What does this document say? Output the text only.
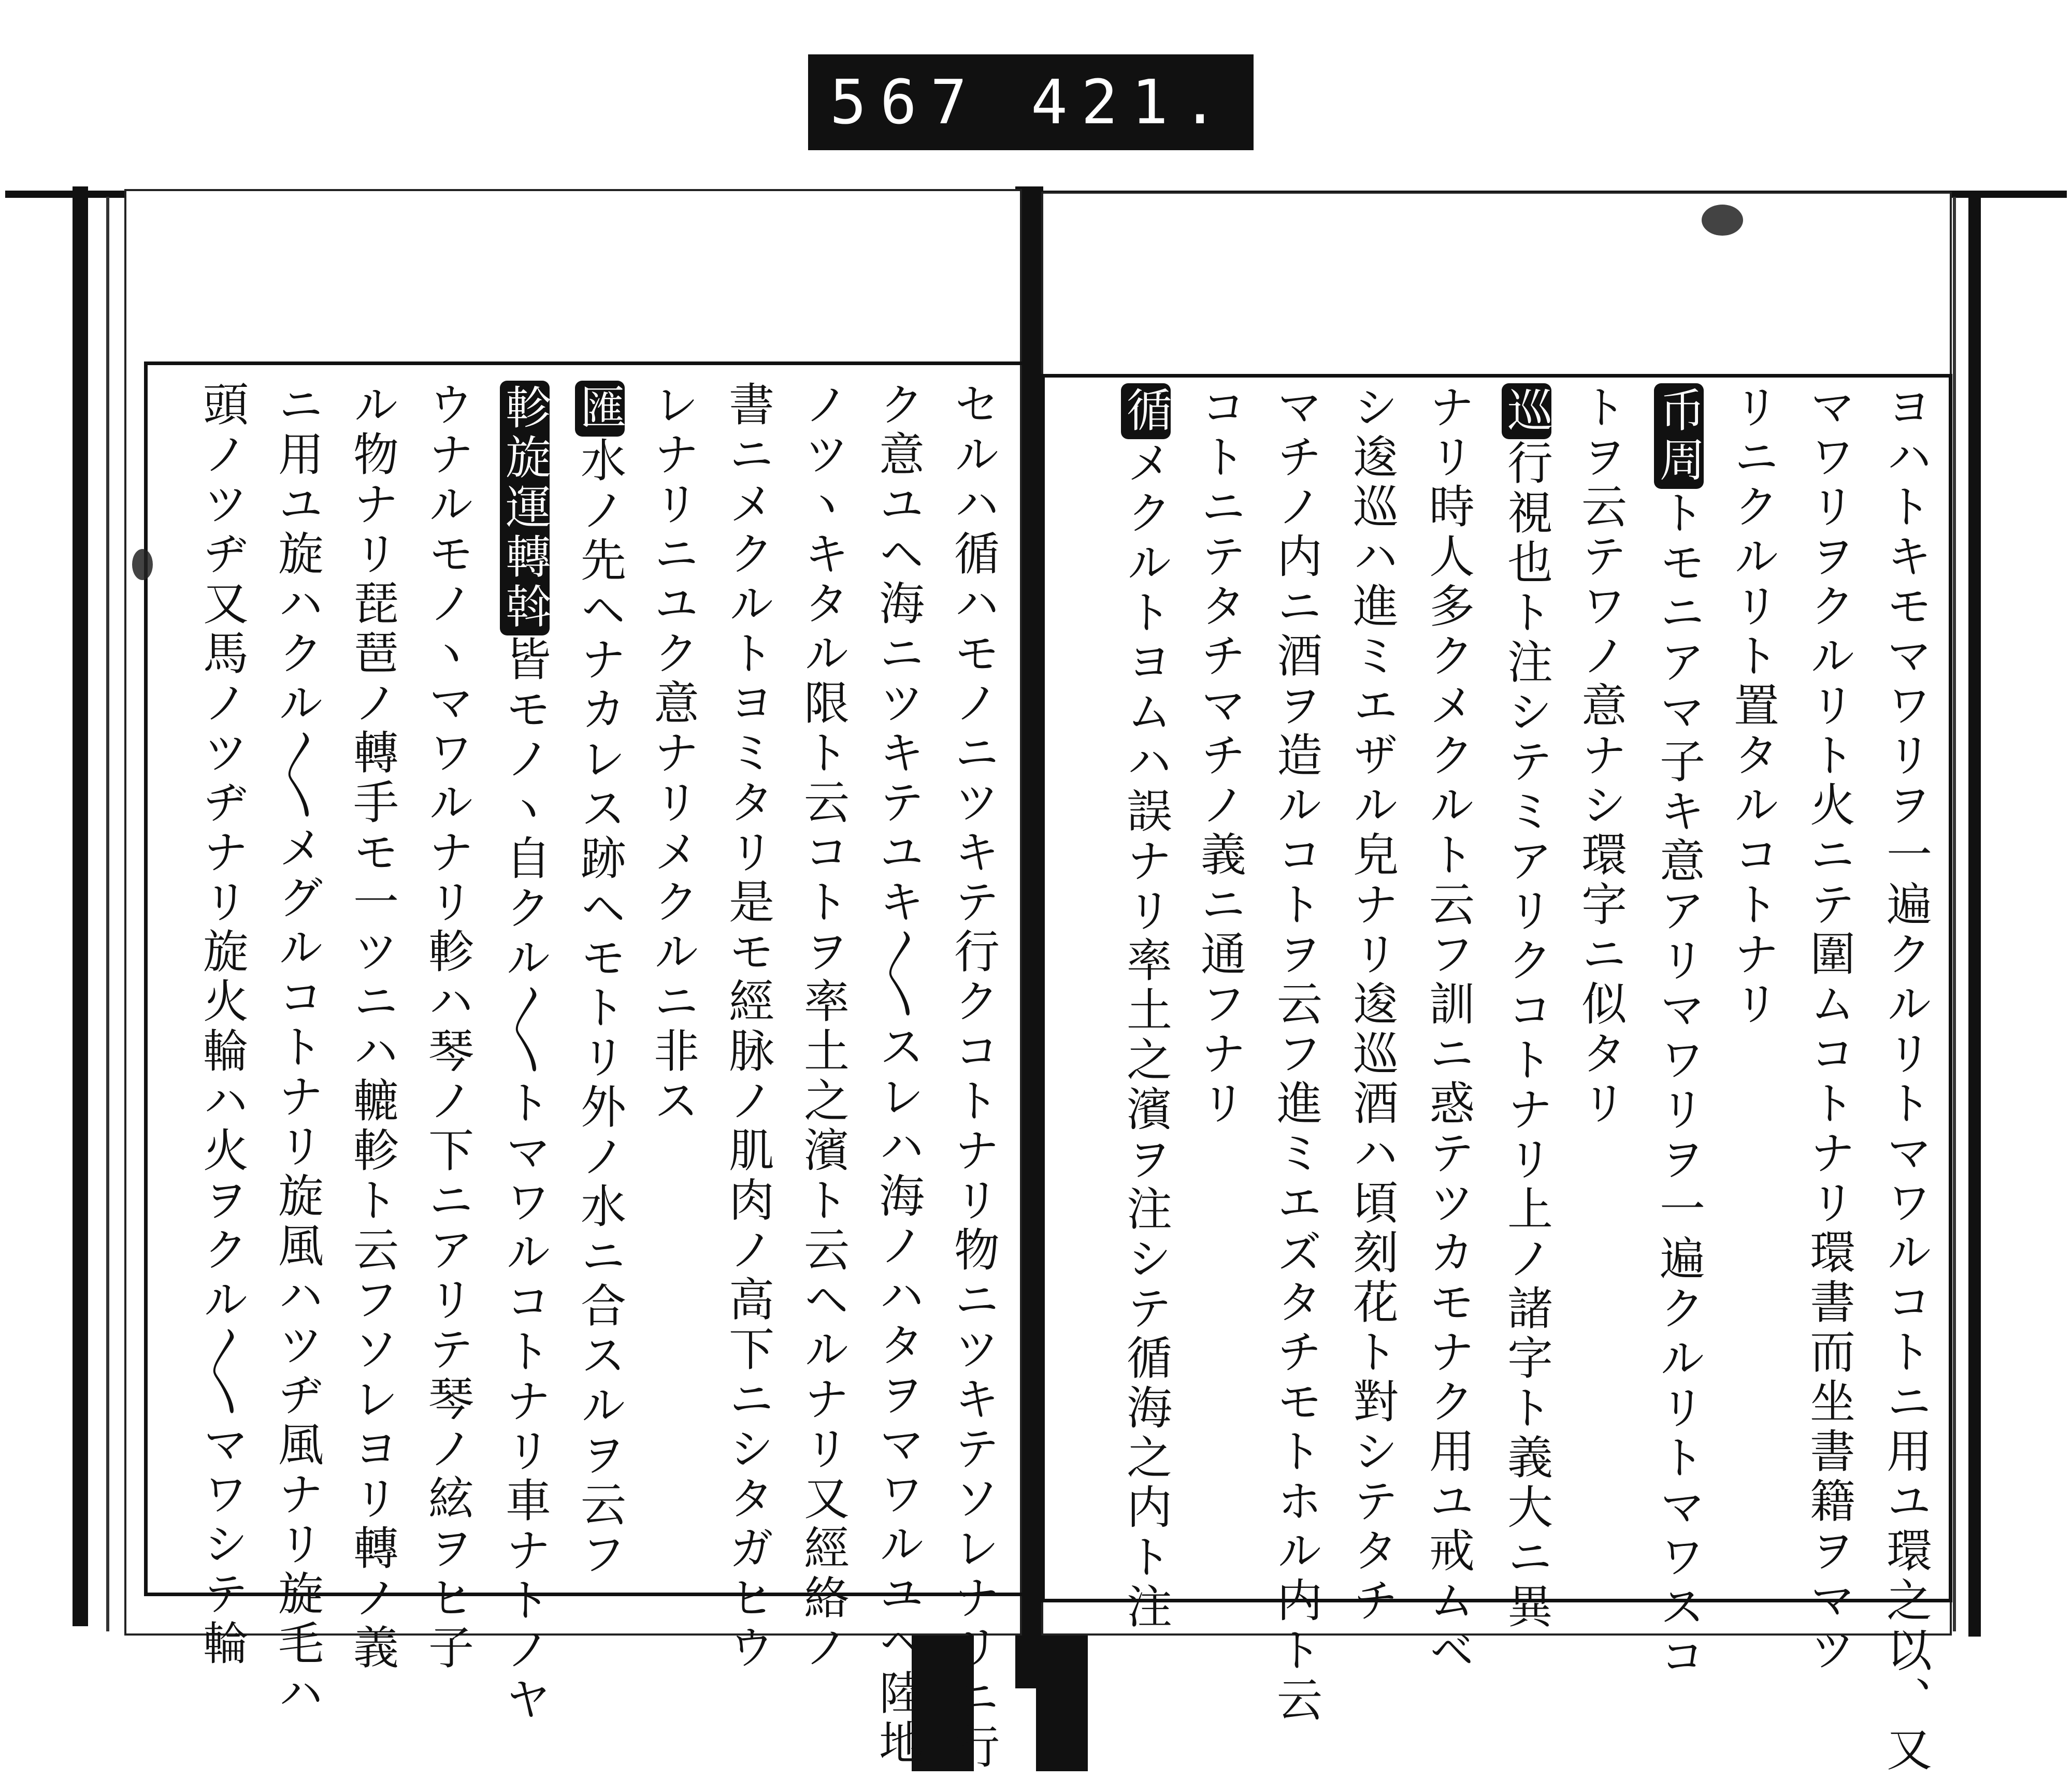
567 421.
ヨハトキモマワリヲ一遍クルリトマワルコトニ用ユ環之以、又
マワリヲクルリト火ニテ圍ムコトナリ環書而坐書籍ヲマツ
リニクルリト置タルコトナリ
币周トモニアマ子キ意アリマワリヲ一遍クルリトマワスコ
トヲ云テワノ意ナシ環字ニ似タリ
巡行視也ト注シテミアリクコトナリ上ノ諸字ト義大ニ異
ナリ時人多クメクルト云フ訓ニ惑テツカモナク用ユ戒ムベ
シ逡巡ハ進ミエザル皃ナリ逡巡酒ハ頃刻花ト對シテタチ
マチノ内ニ酒ヲ造ルコトヲ云フ進ミエズタチモトホル内ト云
コトニテタチマチノ義ニ通フナリ
循メクルトヨムハ誤ナリ率土之濱ヲ注シテ循海之内ト注
セルハ循ハモノニツキテ行クコトナリ物ニツキテソレナリニ行
ク意ユヘ海ニツキテユキ〳〵スレハ海ノハタヲマワルユヘ陸地
ノツヽキタル限ト云コトヲ率土之濱ト云ヘルナリ又經絡ノ
書ニメクルトヨミタリ是モ經脉ノ肌肉ノ高下ニシタガヒウ
レナリニユク意ナリメクルニ非ス
匯水ノ先ヘナカレス跡ヘモトリ外ノ水ニ合スルヲ云フ
軫旋運轉斡皆モノヽ自クル〳〵トマワルコトナリ車ナトノヤ
ウナルモノヽマワルナリ軫ハ琴ノ下ニアリテ琴ノ絃ヲヒ子
ル物ナリ琵琶ノ轉手モ一ツニハ轆軫ト云フソレヨリ轉ノ義
ニ用ユ旋ハクル〳〵メグルコトナリ旋風ハツヂ風ナリ旋毛ハ
頭ノツヂ又馬ノツヂナリ旋火輪ハ火ヲクル〳〵マワシテ輪
